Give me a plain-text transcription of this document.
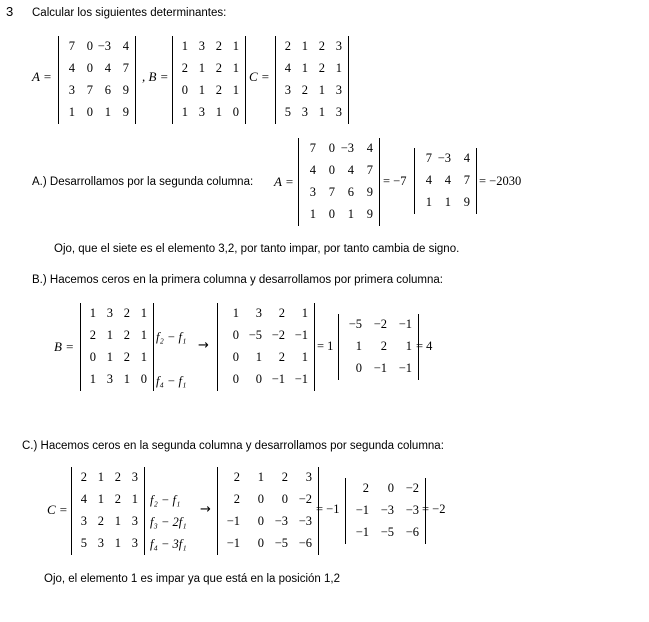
3 Calcular los siguientes determinantes:
A =
7 0 −3 4
4 0 4 7
3 7 6 9
1 0 1 9
, B =
1 3 2 1
2 1 2 1
0 1 2 1
1 3 1 0
C =
2 1 2 3
4 1 2 1
3 2 1 3
5 3 1 3
A.) Desarrollamos por la segunda columna: A =
7	0 −3	4
4	0	4	7
3	7	6	9
1	0	1	9
= −7
7 −3	4
4	4	7
1	1	9
= −2030
Ojo, que el siete es el elemento 3,2, por tanto impar, por tanto cambia de signo.
B.) Hacemos ceros en la primera columna y desarrollamos por primera columna:
B =
1 3 2 1
2 1 2 1
0 1 2 1
1 3 1 0
f₂ − f₁
f₄ − f₁
→
1	3	2	1
0 −5 −2 −1
0	1	2	1
0	0 −1 −1
= 1
−5 −2 −1
1	2	1
0 −1 −1
= 4
C.) Hacemos ceros en la segunda columna y desarrollamos por segunda columna:
C =
2 1 2 3
4 1 2 1
3 2 1 3
5 3 1 3
f₂ − f₁
f₃ − 2f₁
f₄ − 3f₁
→
2	1	2	3
2	0	0 −2
−1	0 −3 −3
−1	0 −5 −6
= −1
2	0 −2
−1 −3 −3
−1 −5 −6
= −2
Ojo, el elemento 1 es impar ya que está en la posición 1,2
